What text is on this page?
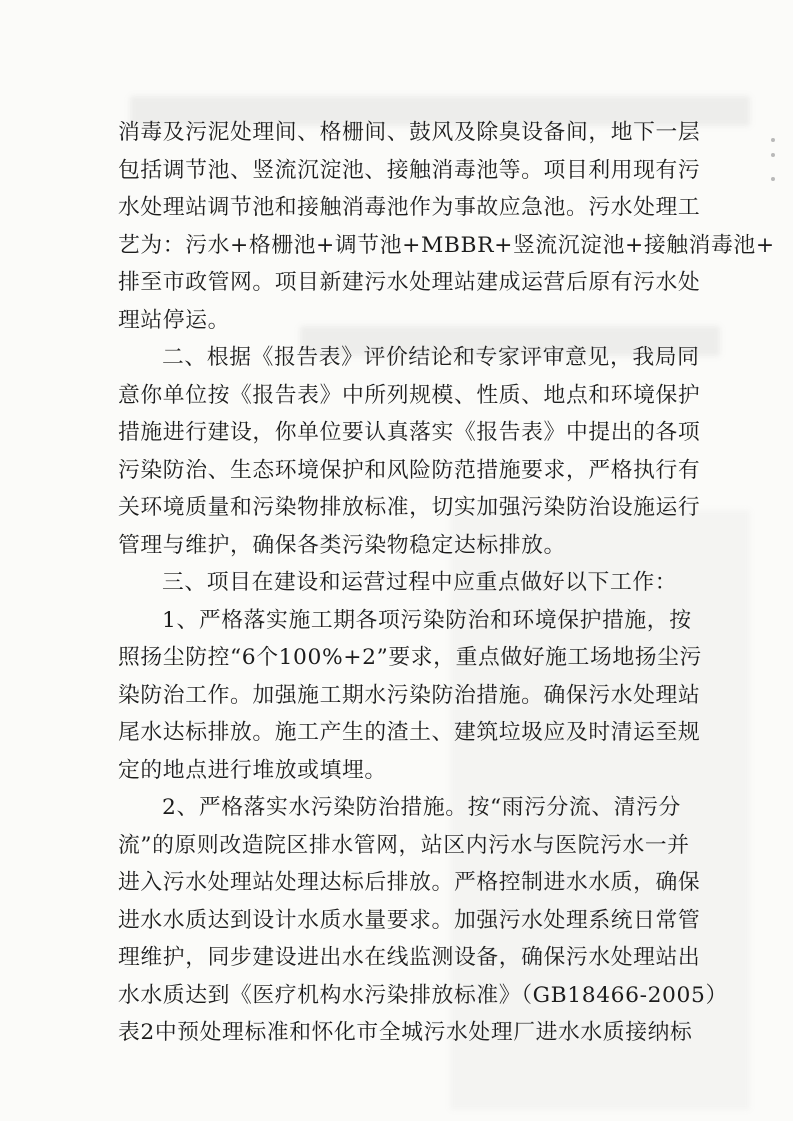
消毒及污泥处理间、格栅间、鼓风及除臭设备间，地下一层
包括调节池、竖流沉淀池、接触消毒池等。项目利用现有污
水处理站调节池和接触消毒池作为事故应急池。污水处理工
艺为：污水+格栅池+调节池+MBBR+竖流沉淀池+接触消毒池+
排至市政管网。项目新建污水处理站建成运营后原有污水处
理站停运。
二、根据《报告表》评价结论和专家评审意见，我局同
意你单位按《报告表》中所列规模、性质、地点和环境保护
措施进行建设，你单位要认真落实《报告表》中提出的各项
污染防治、生态环境保护和风险防范措施要求，严格执行有
关环境质量和污染物排放标准，切实加强污染防治设施运行
管理与维护，确保各类污染物稳定达标排放。
三、项目在建设和运营过程中应重点做好以下工作：
1、严格落实施工期各项污染防治和环境保护措施，按
照扬尘防控“6个100%+2”要求，重点做好施工场地扬尘污
染防治工作。加强施工期水污染防治措施。确保污水处理站
尾水达标排放。施工产生的渣土、建筑垃圾应及时清运至规
定的地点进行堆放或填埋。
2、严格落实水污染防治措施。按“雨污分流、清污分
流”的原则改造院区排水管网，站区内污水与医院污水一并
进入污水处理站处理达标后排放。严格控制进水水质，确保
进水水质达到设计水质水量要求。加强污水处理系统日常管
理维护，同步建设进出水在线监测设备，确保污水处理站出
水水质达到《医疗机构水污染排放标准》（GB18466-2005）
表2中预处理标准和怀化市全城污水处理厂进水水质接纳标
